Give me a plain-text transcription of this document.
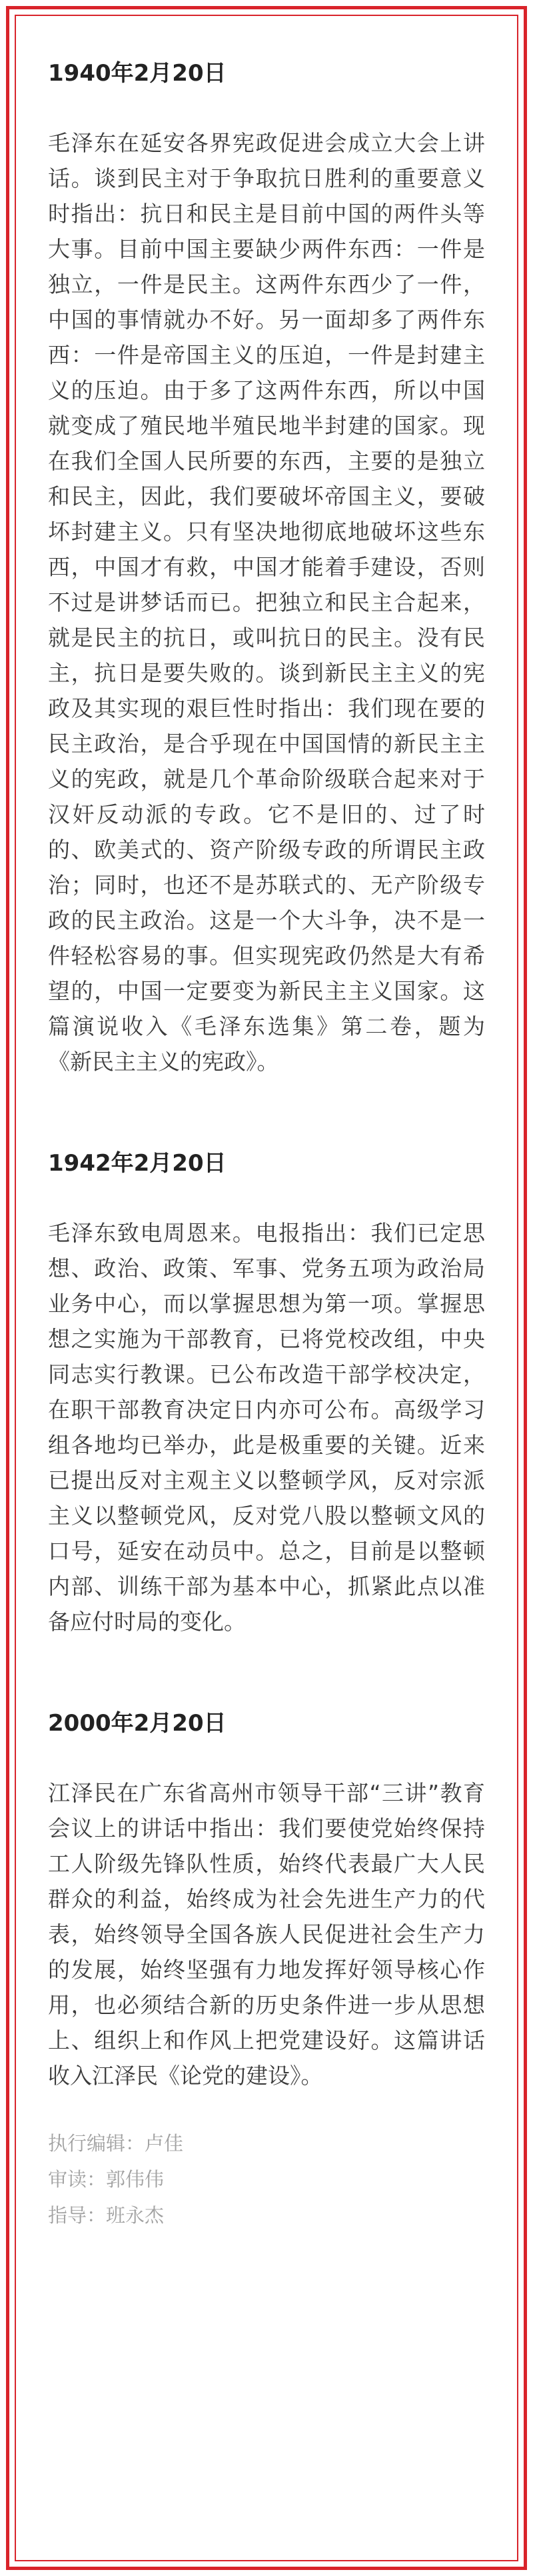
1940年2月20日

毛泽东在延安各界宪政促进会成立大会上讲话。谈到民主对于争取抗日胜利的重要意义时指出：抗日和民主是目前中国的两件头等大事。目前中国主要缺少两件东西：一件是独立，一件是民主。这两件东西少了一件，中国的事情就办不好。另一面却多了两件东西：一件是帝国主义的压迫，一件是封建主义的压迫。由于多了这两件东西，所以中国就变成了殖民地半殖民地半封建的国家。现在我们全国人民所要的东西，主要的是独立和民主，因此，我们要破坏帝国主义，要破坏封建主义。只有坚决地彻底地破坏这些东西，中国才有救，中国才能着手建设，否则不过是讲梦话而已。把独立和民主合起来，就是民主的抗日，或叫抗日的民主。没有民主，抗日是要失败的。谈到新民主主义的宪政及其实现的艰巨性时指出：我们现在要的民主政治，是合乎现在中国国情的新民主主义的宪政，就是几个革命阶级联合起来对于汉奸反动派的专政。它不是旧的、过了时的、欧美式的、资产阶级专政的所谓民主政治；同时，也还不是苏联式的、无产阶级专政的民主政治。这是一个大斗争，决不是一件轻松容易的事。但实现宪政仍然是大有希望的，中国一定要变为新民主主义国家。这篇演说收入《毛泽东选集》第二卷，题为《新民主主义的宪政》。

1942年2月20日

毛泽东致电周恩来。电报指出：我们已定思想、政治、政策、军事、党务五项为政治局业务中心，而以掌握思想为第一项。掌握思想之实施为干部教育，已将党校改组，中央同志实行教课。已公布改造干部学校决定，在职干部教育决定日内亦可公布。高级学习组各地均已举办，此是极重要的关键。近来已提出反对主观主义以整顿学风，反对宗派主义以整顿党风，反对党八股以整顿文风的口号，延安在动员中。总之，目前是以整顿内部、训练干部为基本中心，抓紧此点以准备应付时局的变化。

2000年2月20日

江泽民在广东省高州市领导干部“三讲”教育会议上的讲话中指出：我们要使党始终保持工人阶级先锋队性质，始终代表最广大人民群众的利益，始终成为社会先进生产力的代表，始终领导全国各族人民促进社会生产力的发展，始终坚强有力地发挥好领导核心作用，也必须结合新的历史条件进一步从思想上、组织上和作风上把党建设好。这篇讲话收入江泽民《论党的建设》。

执行编辑：卢佳

审读：郭伟伟

指导：班永杰
